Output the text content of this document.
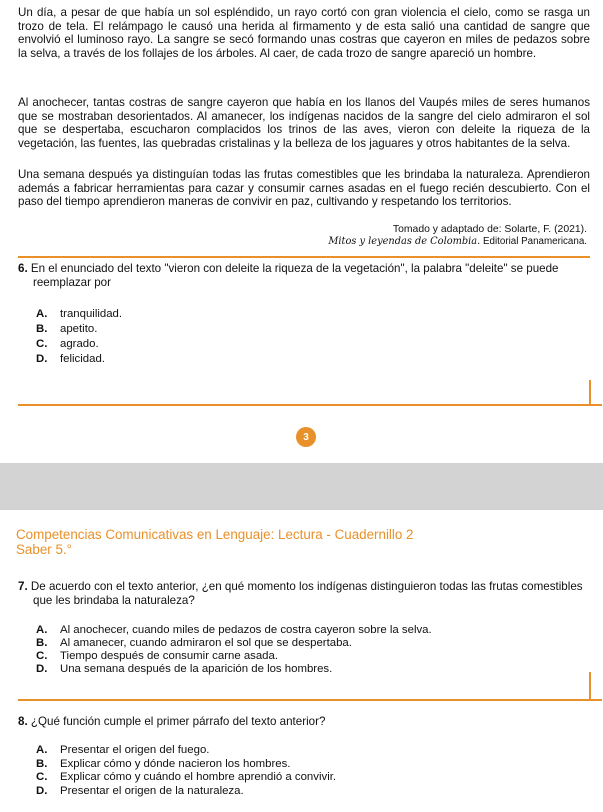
Un día, a pesar de que había un sol espléndido, un rayo cortó con gran violencia el cielo, como se rasga un trozo de tela. El relámpago le causó una herida al firmamento y de esta salió una cantidad de sangre que envolvió el luminoso rayo. La sangre se secó formando unas costras que cayeron en miles de pedazos sobre la selva, a través de los follajes de los árboles. Al caer, de cada trozo de sangre apareció un hombre.

Al anochecer, tantas costras de sangre cayeron que había en los llanos del Vaupés miles de seres humanos que se mostraban desorientados. Al amanecer, los indígenas nacidos de la sangre del cielo admiraron el sol que se despertaba, escucharon complacidos los trinos de las aves, vieron con deleite la riqueza de la vegetación, las fuentes, las quebradas cristalinas y la belleza de los jaguares y otros habitantes de la selva.

Una semana después ya distinguían todas las frutas comestibles que les brindaba la naturaleza. Aprendieron además a fabricar herramientas para cazar y consumir carnes asadas en el fuego recién descubierto. Con el paso del tiempo aprendieron maneras de convivir en paz, cultivando y respetando los territorios.

Tomado y adaptado de: Solarte, F. (2021).
Mitos y leyendas de Colombia. Editorial Panamericana.
6. En el enunciado del texto "vieron con deleite la riqueza de la vegetación", la palabra "deleite" se puede
reemplazar por
A.	tranquilidad.
B.	apetito.
C.	agrado.
D.	felicidad.
3
Competencias Comunicativas en Lenguaje: Lectura - Cuadernillo 2
Saber 5.°
7. De acuerdo con el texto anterior, ¿en qué momento los indígenas distinguieron todas las frutas comestibles
que les brindaba la naturaleza?
A.	Al anochecer, cuando miles de pedazos de costra cayeron sobre la selva.
B.	Al amanecer, cuando admiraron el sol que se despertaba.
C.	Tiempo después de consumir carne asada.
D.	Una semana después de la aparición de los hombres.
8. ¿Qué función cumple el primer párrafo del texto anterior?
A.	Presentar el origen del fuego.
B.	Explicar cómo y dónde nacieron los hombres.
C.	Explicar cómo y cuándo el hombre aprendió a convivir.
D.	Presentar el origen de la naturaleza.
